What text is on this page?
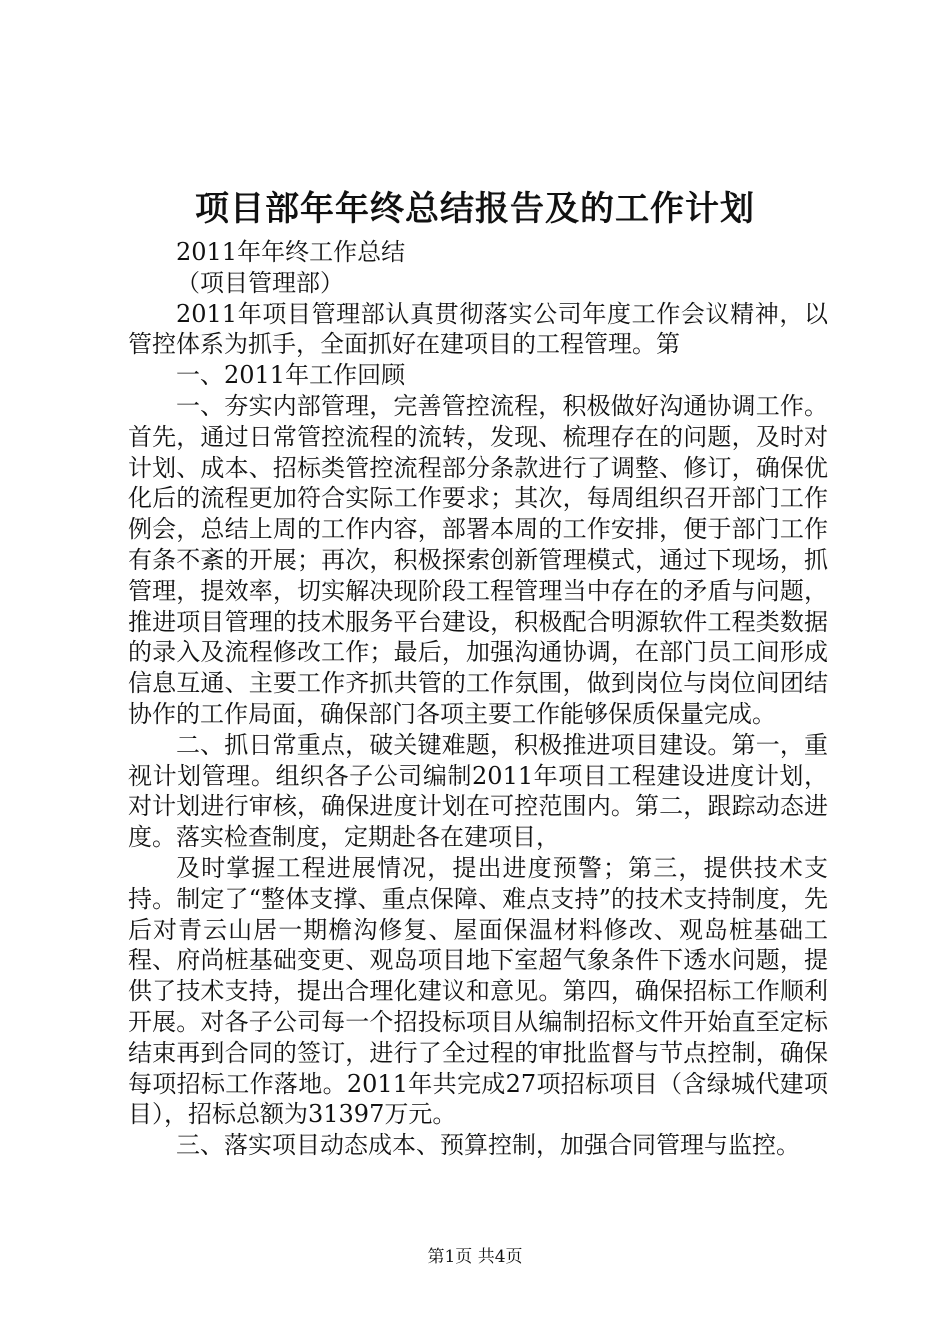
项目部年年终总结报告及的工作计划

2011年年终工作总结

（项目管理部）

2011年项目管理部认真贯彻落实公司年度工作会议精神，以管控体系为抓手，全面抓好在建项目的工程管理。第

一、2011年工作回顾

一、夯实内部管理，完善管控流程，积极做好沟通协调工作。首先，通过日常管控流程的流转，发现、梳理存在的问题，及时对计划、成本、招标类管控流程部分条款进行了调整、修订，确保优化后的流程更加符合实际工作要求；其次，每周组织召开部门工作例会，总结上周的工作内容，部署本周的工作安排，便于部门工作有条不紊的开展；再次，积极探索创新管理模式，通过下现场，抓管理，提效率，切实解决现阶段工程管理当中存在的矛盾与问题，推进项目管理的技术服务平台建设，积极配合明源软件工程类数据的录入及流程修改工作；最后，加强沟通协调，在部门员工间形成信息互通、主要工作齐抓共管的工作氛围，做到岗位与岗位间团结协作的工作局面，确保部门各项主要工作能够保质保量完成。

二、抓日常重点，破关键难题，积极推进项目建设。第一，重视计划管理。组织各子公司编制2011年项目工程建设进度计划，对计划进行审核，确保进度计划在可控范围内。第二，跟踪动态进度。落实检查制度，定期赴各在建项目，

及时掌握工程进展情况，提出进度预警；第三，提供技术支持。制定了“整体支撑、重点保障、难点支持”的技术支持制度，先后对青云山居一期檐沟修复、屋面保温材料修改、观岛桩基础工程、府尚桩基础变更、观岛项目地下室超气象条件下透水问题，提供了技术支持，提出合理化建议和意见。第四，确保招标工作顺利开展。对各子公司每一个招投标项目从编制招标文件开始直至定标结束再到合同的签订，进行了全过程的审批监督与节点控制，确保每项招标工作落地。2011年共完成27项招标项目（含绿城代建项目），招标总额为31397万元。

三、落实项目动态成本、预算控制，加强合同管理与监控。

第1页 共4页
